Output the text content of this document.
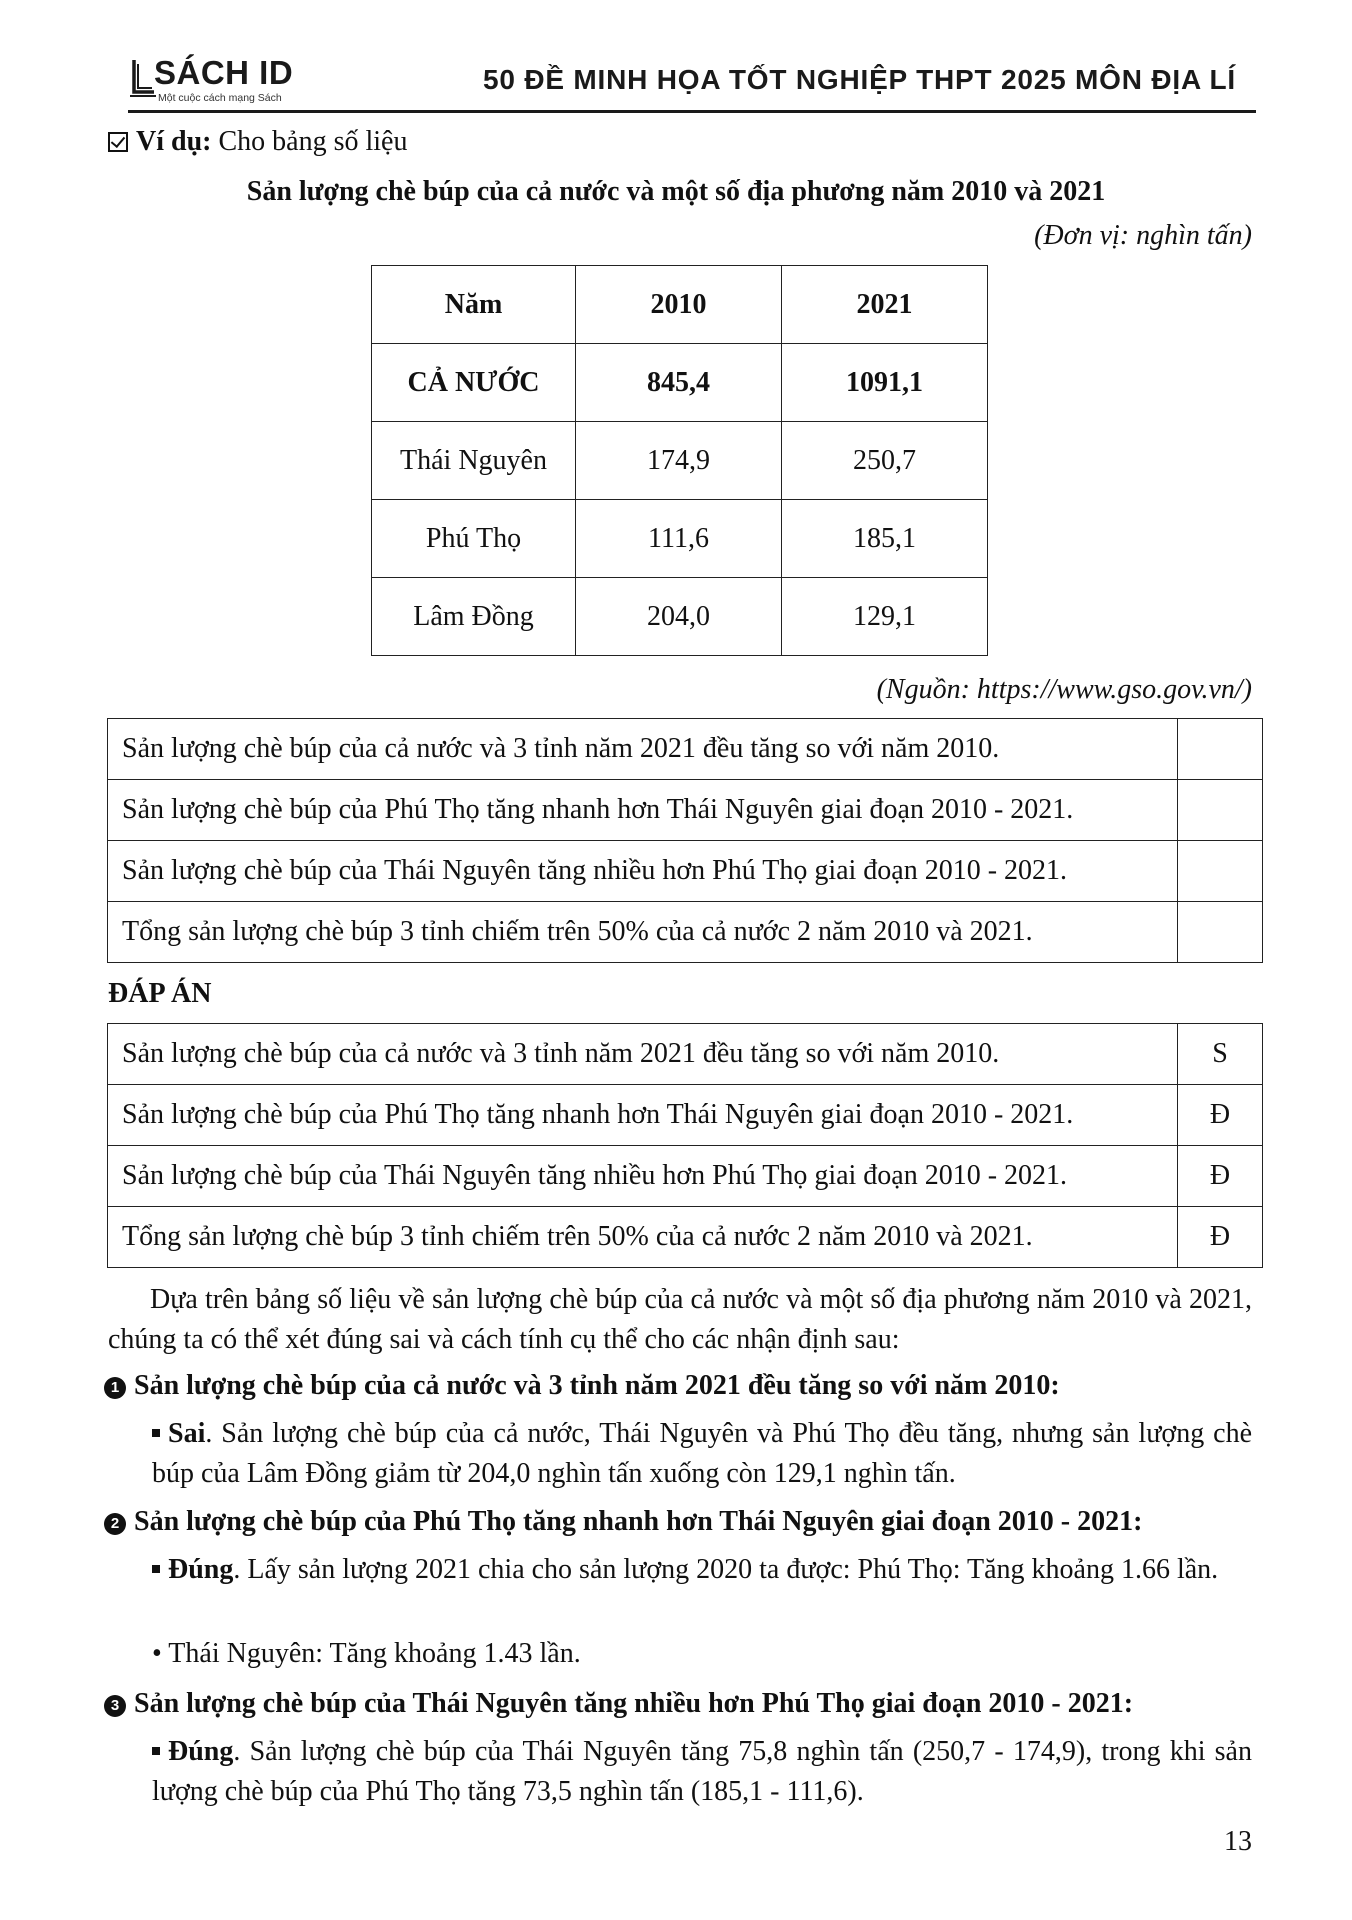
SÁCH ID
Một cuộc cách mạng Sách
50 ĐỀ MINH HỌA TỐT NGHIỆP THPT 2025 MÔN ĐỊA LÍ
Ví dụ: Cho bảng số liệu
Sản lượng chè búp của cả nước và một số địa phương năm 2010 và 2021
(Đơn vị: nghìn tấn)
Năm	2010	2021
CẢ NƯỚC	845,4	1091,1
Thái Nguyên	174,9	250,7
Phú Thọ	111,6	185,1
Lâm Đồng	204,0	129,1
(Nguồn: https://www.gso.gov.vn/)
Sản lượng chè búp của cả nước và 3 tỉnh năm 2021 đều tăng so với năm 2010.	
Sản lượng chè búp của Phú Thọ tăng nhanh hơn Thái Nguyên giai đoạn 2010 - 2021.	
Sản lượng chè búp của Thái Nguyên tăng nhiều hơn Phú Thọ giai đoạn 2010 - 2021.	
Tổng sản lượng chè búp 3 tỉnh chiếm trên 50% của cả nước 2 năm 2010 và 2021.	
ĐÁP ÁN
Sản lượng chè búp của cả nước và 3 tỉnh năm 2021 đều tăng so với năm 2010.	S
Sản lượng chè búp của Phú Thọ tăng nhanh hơn Thái Nguyên giai đoạn 2010 - 2021.	Đ
Sản lượng chè búp của Thái Nguyên tăng nhiều hơn Phú Thọ giai đoạn 2010 - 2021.	Đ
Tổng sản lượng chè búp 3 tỉnh chiếm trên 50% của cả nước 2 năm 2010 và 2021.	Đ
Dựa trên bảng số liệu về sản lượng chè búp của cả nước và một số địa phương năm 2010 và 2021, chúng ta có thể xét đúng sai và cách tính cụ thể cho các nhận định sau:
1 Sản lượng chè búp của cả nước và 3 tỉnh năm 2021 đều tăng so với năm 2010:
Sai. Sản lượng chè búp của cả nước, Thái Nguyên và Phú Thọ đều tăng, nhưng sản lượng chè búp của Lâm Đồng giảm từ 204,0 nghìn tấn xuống còn 129,1 nghìn tấn.
2 Sản lượng chè búp của Phú Thọ tăng nhanh hơn Thái Nguyên giai đoạn 2010 - 2021:
Đúng. Lấy sản lượng 2021 chia cho sản lượng 2020 ta được: Phú Thọ: Tăng khoảng 1.66 lần.
• Thái Nguyên: Tăng khoảng 1.43 lần.
3 Sản lượng chè búp của Thái Nguyên tăng nhiều hơn Phú Thọ giai đoạn 2010 - 2021:
Đúng. Sản lượng chè búp của Thái Nguyên tăng 75,8 nghìn tấn (250,7 - 174,9), trong khi sản lượng chè búp của Phú Thọ tăng 73,5 nghìn tấn (185,1 - 111,6).
13
